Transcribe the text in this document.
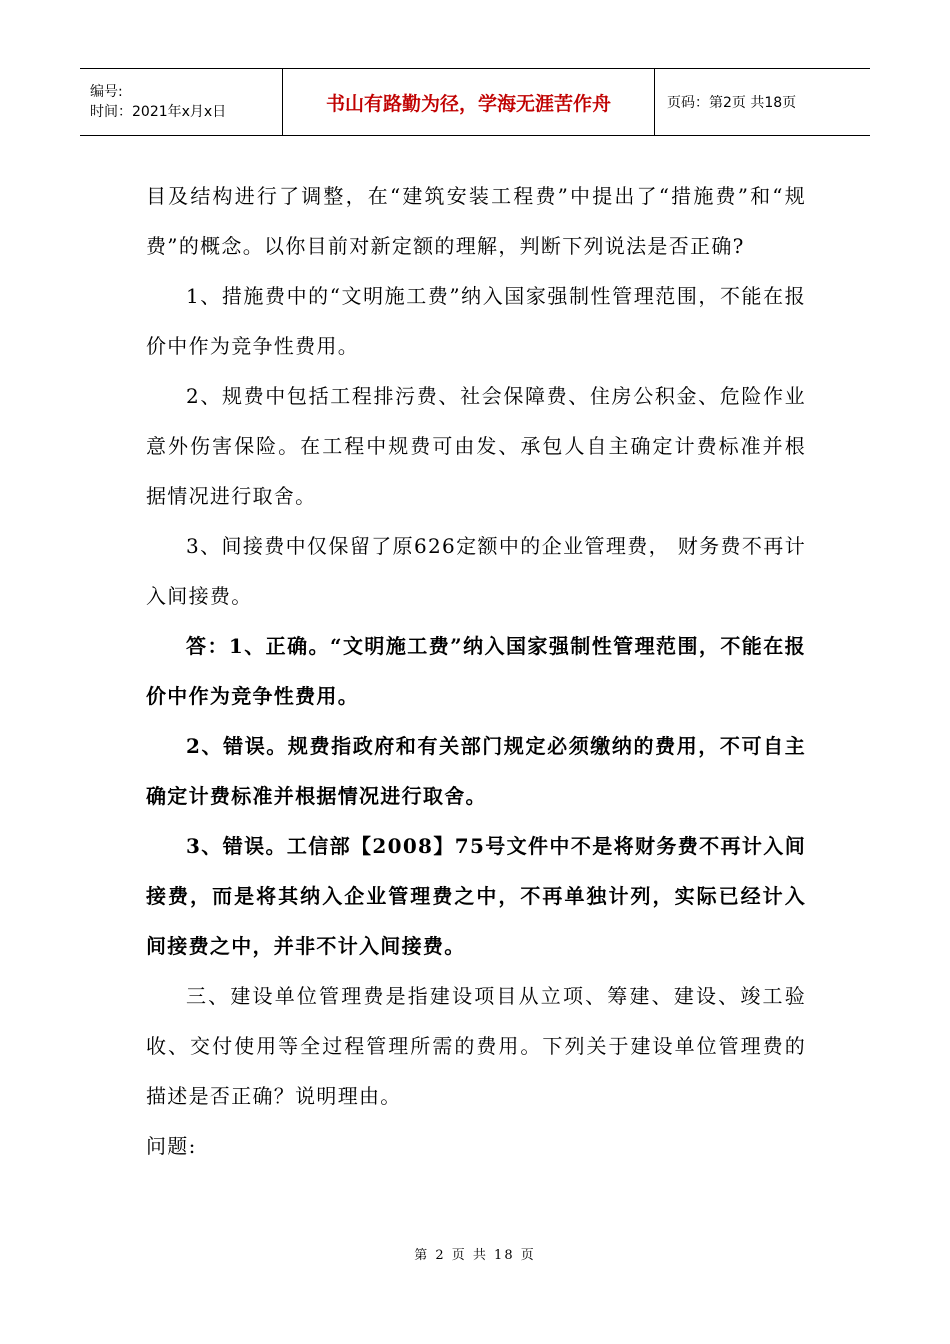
编号:
时间：2021年x月x日	书山有路勤为径，学海无涯苦作舟	页码：第2页 共18页

目及结构进行了调整，在“建筑安装工程费”中提出了“措施费”和“规费”的概念。以你目前对新定额的理解，判断下列说法是否正确?

1、措施费中的“文明施工费”纳入国家强制性管理范围，不能在报价中作为竞争性费用。

2、规费中包括工程排污费、社会保障费、住房公积金、危险作业意外伤害保险。在工程中规费可由发、承包人自主确定计费标准并根据情况进行取舍。

3、间接费中仅保留了原626定额中的企业管理费， 财务费不再计入间接费。

答：1、正确。“文明施工费”纳入国家强制性管理范围，不能在报价中作为竞争性费用。

2、错误。规费指政府和有关部门规定必须缴纳的费用，不可自主确定计费标准并根据情况进行取舍。

3、错误。工信部【2008】75号文件中不是将财务费不再计入间接费，而是将其纳入企业管理费之中，不再单独计列，实际已经计入间接费之中，并非不计入间接费。

三、建设单位管理费是指建设项目从立项、筹建、建设、竣工验收、交付使用等全过程管理所需的费用。下列关于建设单位管理费的描述是否正确？说明理由。

问题:

第 2 页 共 18 页
